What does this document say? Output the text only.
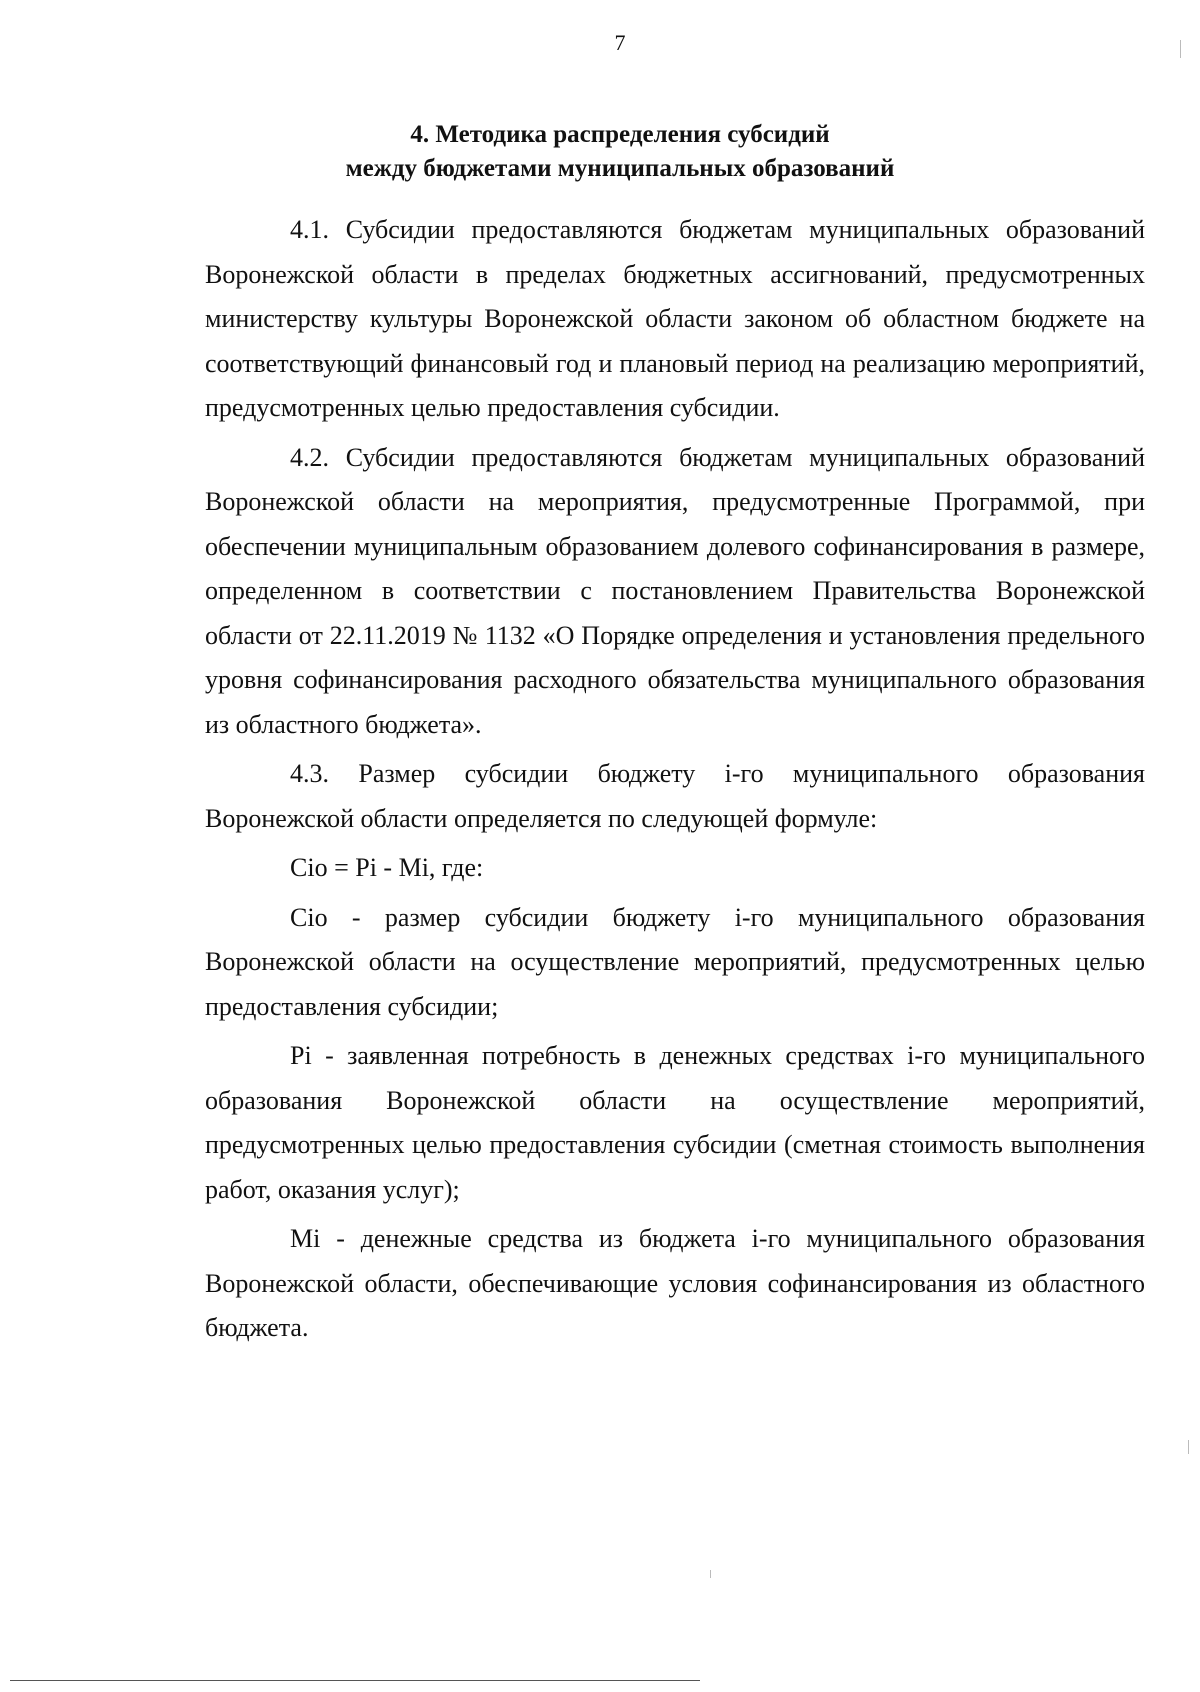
7
4. Методика распределения субсидий
между бюджетами муниципальных образований

4.1. Субсидии предоставляются бюджетам муниципальных образований Воронежской области в пределах бюджетных ассигнований, предусмотренных министерству культуры Воронежской области законом об областном бюджете на соответствующий финансовый год и плановый период на реализацию мероприятий, предусмотренных целью предоставления субсидии.

4.2. Субсидии предоставляются бюджетам муниципальных образований Воронежской области на мероприятия, предусмотренные Программой, при обеспечении муниципальным образованием долевого софинансирования в размере, определенном в соответствии с постановлением Правительства Воронежской области от 22.11.2019 № 1132 «О Порядке определения и установления предельного уровня софинансирования расходного обязательства муниципального образования из областного бюджета».

4.3. Размер субсидии бюджету i-го муниципального образования Воронежской области определяется по следующей формуле:

Cio = Pi - Mi, где:

Cio - размер субсидии бюджету i-го муниципального образования Воронежской области на осуществление мероприятий, предусмотренных целью предоставления субсидии;

Pi - заявленная потребность в денежных средствах i-го муниципального образования Воронежской области на осуществление мероприятий, предусмотренных целью предоставления субсидии (сметная стоимость выполнения работ, оказания услуг);

Mi - денежные средства из бюджета i-го муниципального образования Воронежской области, обеспечивающие условия софинансирования из областного бюджета.
